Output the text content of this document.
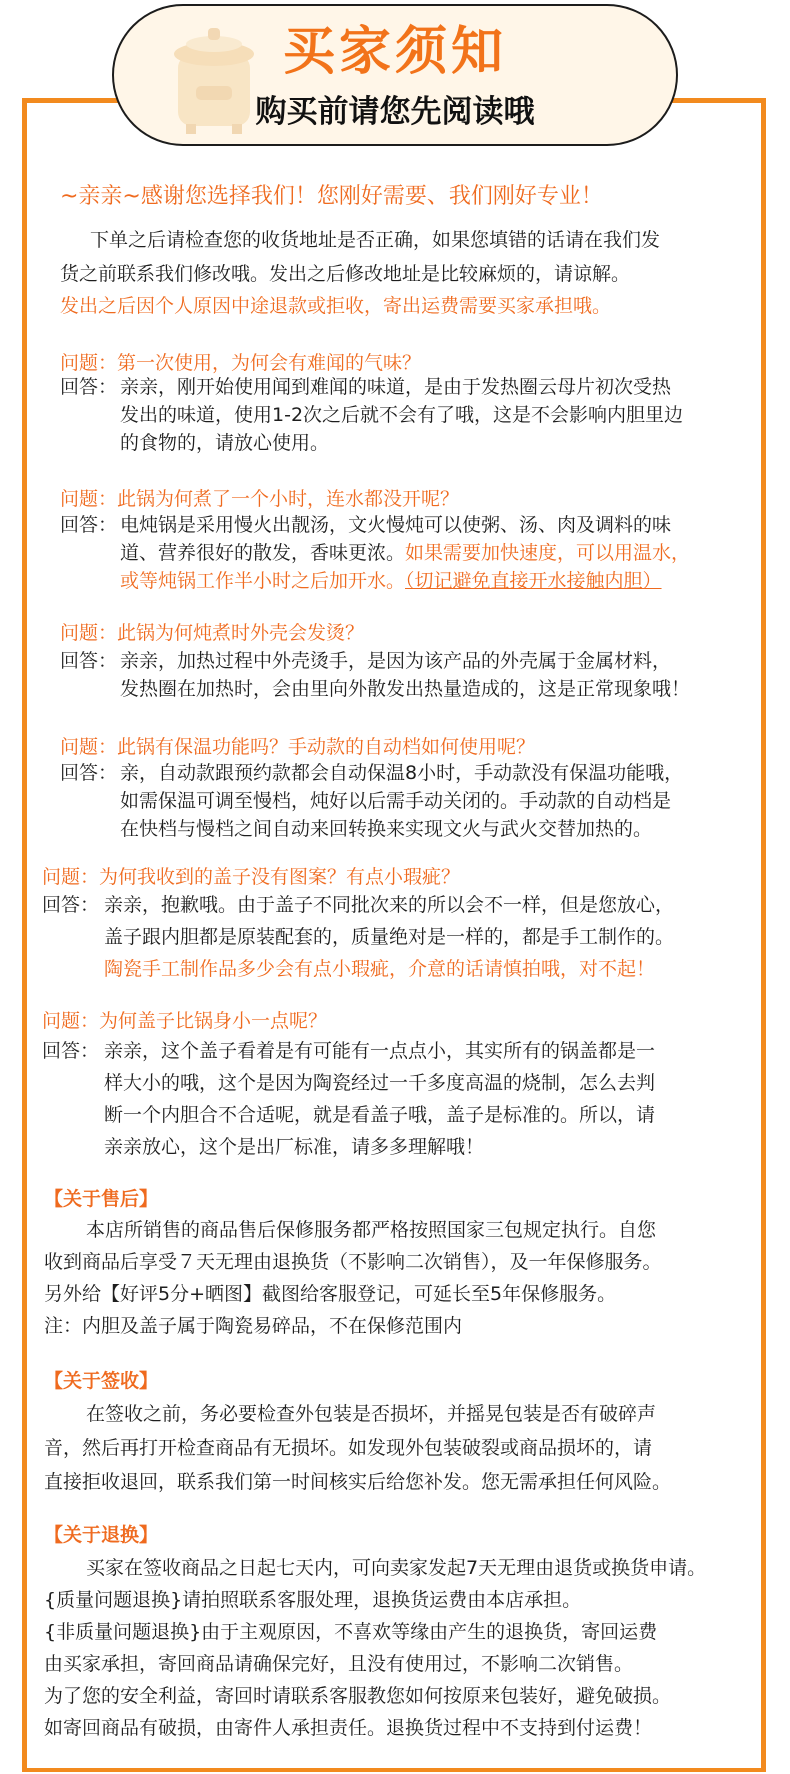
买家须知
购买前请您先阅读哦
~亲亲~感谢您选择我们！您刚好需要、我们刚好专业！
下单之后请检查您的收货地址是否正确，如果您填错的话请在我们发
货之前联系我们修改哦。发出之后修改地址是比较麻烦的，请谅解。
发出之后因个人原因中途退款或拒收，寄出运费需要买家承担哦。
问题：第一次使用，为何会有难闻的气味？
回答： 亲亲，刚开始使用闻到难闻的味道，是由于发热圈云母片初次受热
发出的味道，使用1-2次之后就不会有了哦，这是不会影响内胆里边
的食物的，请放心使用。
问题：此锅为何煮了一个小时，连水都没开呢？
回答： 电炖锅是采用慢火出靓汤，文火慢炖可以使粥、汤、肉及调料的味
道、营养很好的散发，香味更浓。如果需要加快速度，可以用温水，
或等炖锅工作半小时之后加开水。（切记避免直接开水接触内胆）
问题：此锅为何炖煮时外壳会发烫？
回答： 亲亲，加热过程中外壳烫手，是因为该产品的外壳属于金属材料，
发热圈在加热时，会由里向外散发出热量造成的，这是正常现象哦！
问题：此锅有保温功能吗？手动款的自动档如何使用呢？
回答： 亲，自动款跟预约款都会自动保温8小时，手动款没有保温功能哦，
如需保温可调至慢档，炖好以后需手动关闭的。手动款的自动档是
在快档与慢档之间自动来回转换来实现文火与武火交替加热的。
问题：为何我收到的盖子没有图案？有点小瑕疵？
回答： 亲亲，抱歉哦。由于盖子不同批次来的所以会不一样，但是您放心，
盖子跟内胆都是原装配套的，质量绝对是一样的，都是手工制作的。
陶瓷手工制作品多少会有点小瑕疵，介意的话请慎拍哦，对不起！
问题：为何盖子比锅身小一点呢？
回答： 亲亲，这个盖子看着是有可能有一点点小，其实所有的锅盖都是一
样大小的哦，这个是因为陶瓷经过一千多度高温的烧制，怎么去判
断一个内胆合不合适呢，就是看盖子哦，盖子是标准的。所以，请
亲亲放心，这个是出厂标准，请多多理解哦！
【关于售后】
本店所销售的商品售后保修服务都严格按照国家三包规定执行。自您
收到商品后享受７天无理由退换货（不影响二次销售），及一年保修服务。
另外给【好评5分+晒图】截图给客服登记，可延长至5年保修服务。
注：内胆及盖子属于陶瓷易碎品，不在保修范围内
【关于签收】
在签收之前，务必要检查外包装是否损坏，并摇晃包装是否有破碎声
音，然后再打开检查商品有无损坏。如发现外包装破裂或商品损坏的，请
直接拒收退回，联系我们第一时间核实后给您补发。您无需承担任何风险。
【关于退换】
买家在签收商品之日起七天内，可向卖家发起7天无理由退货或换货申请。
{质量问题退换}请拍照联系客服处理，退换货运费由本店承担。
{非质量问题退换}由于主观原因，不喜欢等缘由产生的退换货，寄回运费
由买家承担，寄回商品请确保完好，且没有使用过，不影响二次销售。
为了您的安全利益，寄回时请联系客服教您如何按原来包装好，避免破损。
如寄回商品有破损，由寄件人承担责任。退换货过程中不支持到付运费！
